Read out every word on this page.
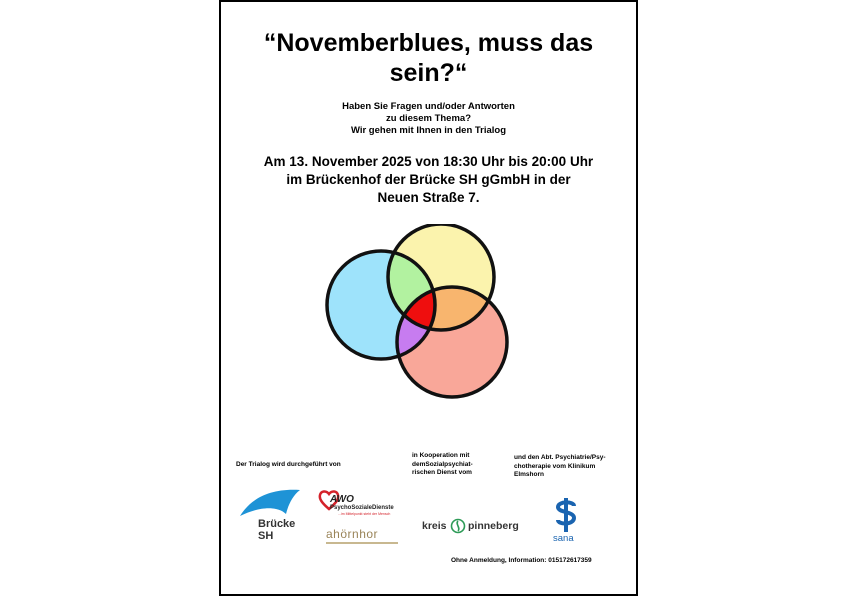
“Novemberblues, muss das
sein?“
Haben Sie Fragen und/oder Antworten
zu diesem Thema?
Wir gehen mit Ihnen in den Trialog
Am 13. November 2025 von 18:30 Uhr bis 20:00 Uhr
im Brückenhof der Brücke SH gGmbH in der
Neuen Straße 7.
Der Trialog wird durchgeführt von
in Kooperation mit
demSozialpsychiat-
rischen Dienst vom
und den Abt. Psychiatrie/Psy-
chotherapie vom Klinikum
Elmshorn
Brücke SH
AWO
PsychoSozialeDienste
...im Mittelpunkt steht der Mensch
ahörnhor
kreis pinneberg
sana
Ohne Anmeldung, Information: 015172617359
